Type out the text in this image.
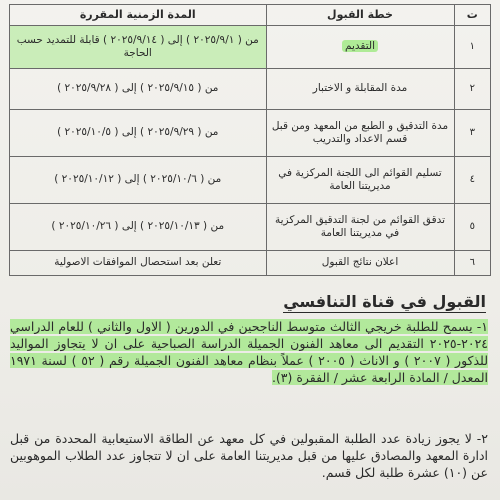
ت	خطة القبول	المدة الزمنية المقررة
١	التقديم	من ( ٢٠٢٥/٩/١ ) إلى ( ٢٠٢٥/٩/١٤ ) قابلة للتمديد حسب الحاجة
٢	مدة المقابلة و الاختبار	من ( ٢٠٢٥/٩/١٥ ) إلى ( ٢٠٢٥/٩/٢٨ )
٣	مدة التدقيق و الطبع من المعهد ومن قبل قسم الاعداد والتدريب	من ( ٢٠٢٥/٩/٢٩ ) إلى ( ٢٠٢٥/١٠/٥ )
٤	تسليم القوائم الى اللجنة المركزية في مديريتنا العامة	من ( ٢٠٢٥/١٠/٦ ) إلى ( ٢٠٢٥/١٠/١٢ )
٥	تدقق القوائم من لجنة التدقيق المركزية في مديريتنا العامة	من ( ٢٠٢٥/١٠/١٣ ) إلى ( ٢٠٢٥/١٠/٢٦ )
٦	اعلان نتائج القبول	تعلن بعد استحصال الموافقات الاصولية
القبول في قناة التنافسي
١- يسمح للطلبة خريجي الثالث متوسط الناجحين في الدورين ( الاول والثاني ) للعام الدراسي ٢٠٢٤-٢٠٢٥ التقديم الى معاهد الفنون الجميلة الدراسة الصباحية على ان لا يتجاوز المواليد للذكور ( ٢٠٠٧ ) و الاناث ( ٢٠٠٥ ) عملاً بنظام معاهد الفنون الجميلة رقم ( ٥٢ ) لسنة ١٩٧١ المعدل / المادة الرابعة عشر / الفقرة (٣).
٢- لا يجوز زيادة عدد الطلبة المقبولين في كل معهد عن الطاقة الاستيعابية المحددة من قبل ادارة المعهد والمصادق عليها من قبل مديريتنا العامة على ان لا تتجاوز عدد الطلاب الموهوبين عن (١٠) عشرة طلبة لكل قسم.
